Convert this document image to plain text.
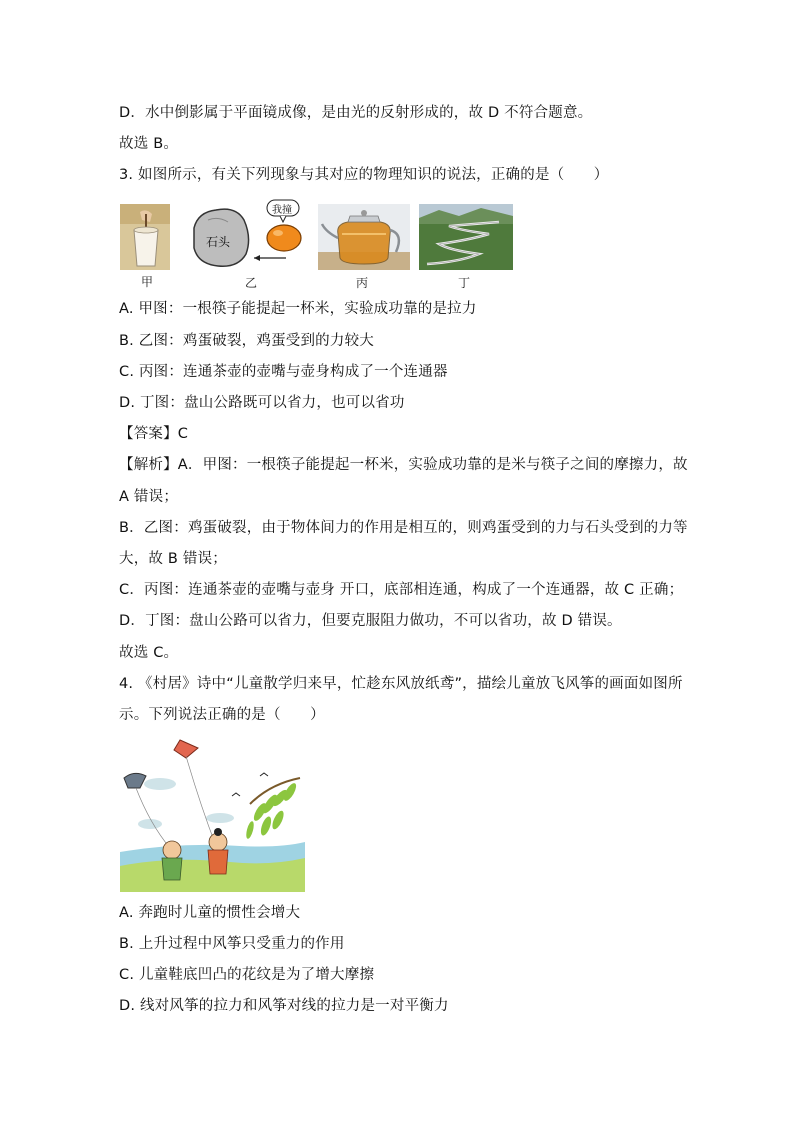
D．水中倒影属于平面镜成像，是由光的反射形成的，故 D 不符合题意。
故选 B。
3. 如图所示，有关下列现象与其对应的物理知识的说法，正确的是（　　）
甲
石头
我撞
乙	丙	丁
A. 甲图：一根筷子能提起一杯米，实验成功靠的是拉力
B. 乙图：鸡蛋破裂，鸡蛋受到的力较大
C. 丙图：连通茶壶的壶嘴与壶身构成了一个连通器
D. 丁图：盘山公路既可以省力，也可以省功
【答案】C
【解析】A．甲图：一根筷子能提起一杯米，实验成功靠的是米与筷子之间的摩擦力，故
A 错误；
B．乙图：鸡蛋破裂，由于物体间力的作用是相互的，则鸡蛋受到的力与石头受到的力等
大，故 B 错误；
C．丙图：连通茶壶的壶嘴与壶身 开口，底部相连通，构成了一个连通器，故 C 正确；
D．丁图：盘山公路可以省力，但要克服阻力做功，不可以省功，故 D 错误。
故选 C。
4. 《村居》诗中“儿童散学归来早，忙趁东风放纸鸢”，描绘儿童放飞风筝的画面如图所
示。下列说法正确的是（　　）
A. 奔跑时儿童的惯性会增大
B. 上升过程中风筝只受重力的作用
C. 儿童鞋底凹凸的花纹是为了增大摩擦
D. 线对风筝的拉力和风筝对线的拉力是一对平衡力
